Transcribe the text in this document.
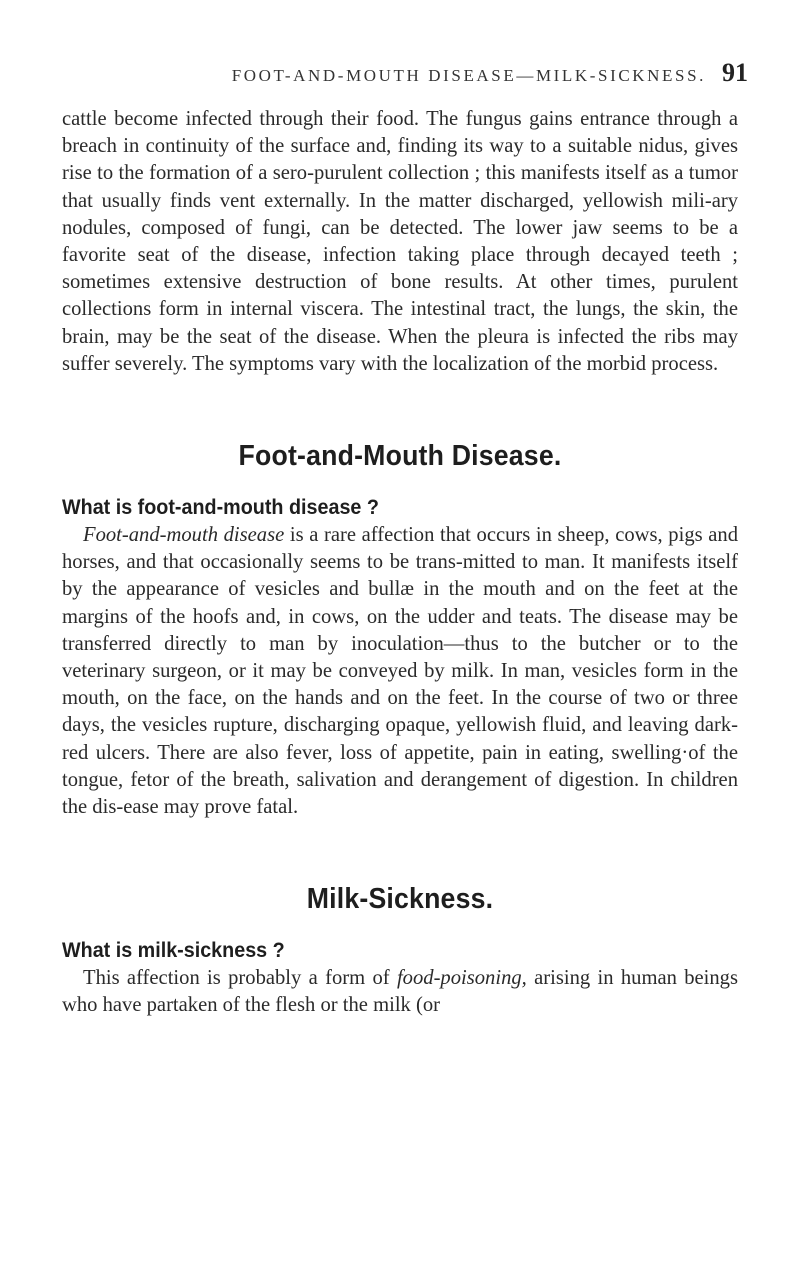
FOOT-AND-MOUTH DISEASE—MILK-SICKNESS. 91

cattle become infected through their food. The fungus gains entrance through a breach in continuity of the surface and, finding its way to a suitable nidus, gives rise to the formation of a sero-purulent collection ; this manifests itself as a tumor that usually finds vent externally. In the matter discharged, yellowish mili-ary nodules, composed of fungi, can be detected. The lower jaw seems to be a favorite seat of the disease, infection taking place through decayed teeth ; sometimes extensive destruction of bone results. At other times, purulent collections form in internal viscera. The intestinal tract, the lungs, the skin, the brain, may be the seat of the disease. When the pleura is infected the ribs may suffer severely. The symptoms vary with the localization of the morbid process.

Foot-and-Mouth Disease.
What is foot-and-mouth disease ?

Foot-and-mouth disease is a rare affection that occurs in sheep, cows, pigs and horses, and that occasionally seems to be trans-mitted to man. It manifests itself by the appearance of vesicles and bullæ in the mouth and on the feet at the margins of the hoofs and, in cows, on the udder and teats. The disease may be transferred directly to man by inoculation—thus to the butcher or to the veterinary surgeon, or it may be conveyed by milk. In man, vesicles form in the mouth, on the face, on the hands and on the feet. In the course of two or three days, the vesicles rupture, discharging opaque, yellowish fluid, and leaving dark-red ulcers. There are also fever, loss of appetite, pain in eating, swelling·of the tongue, fetor of the breath, salivation and derangement of digestion. In children the dis-ease may prove fatal.

Milk-Sickness.
What is milk-sickness ?

This affection is probably a form of food-poisoning, arising in human beings who have partaken of the flesh or the milk (or
